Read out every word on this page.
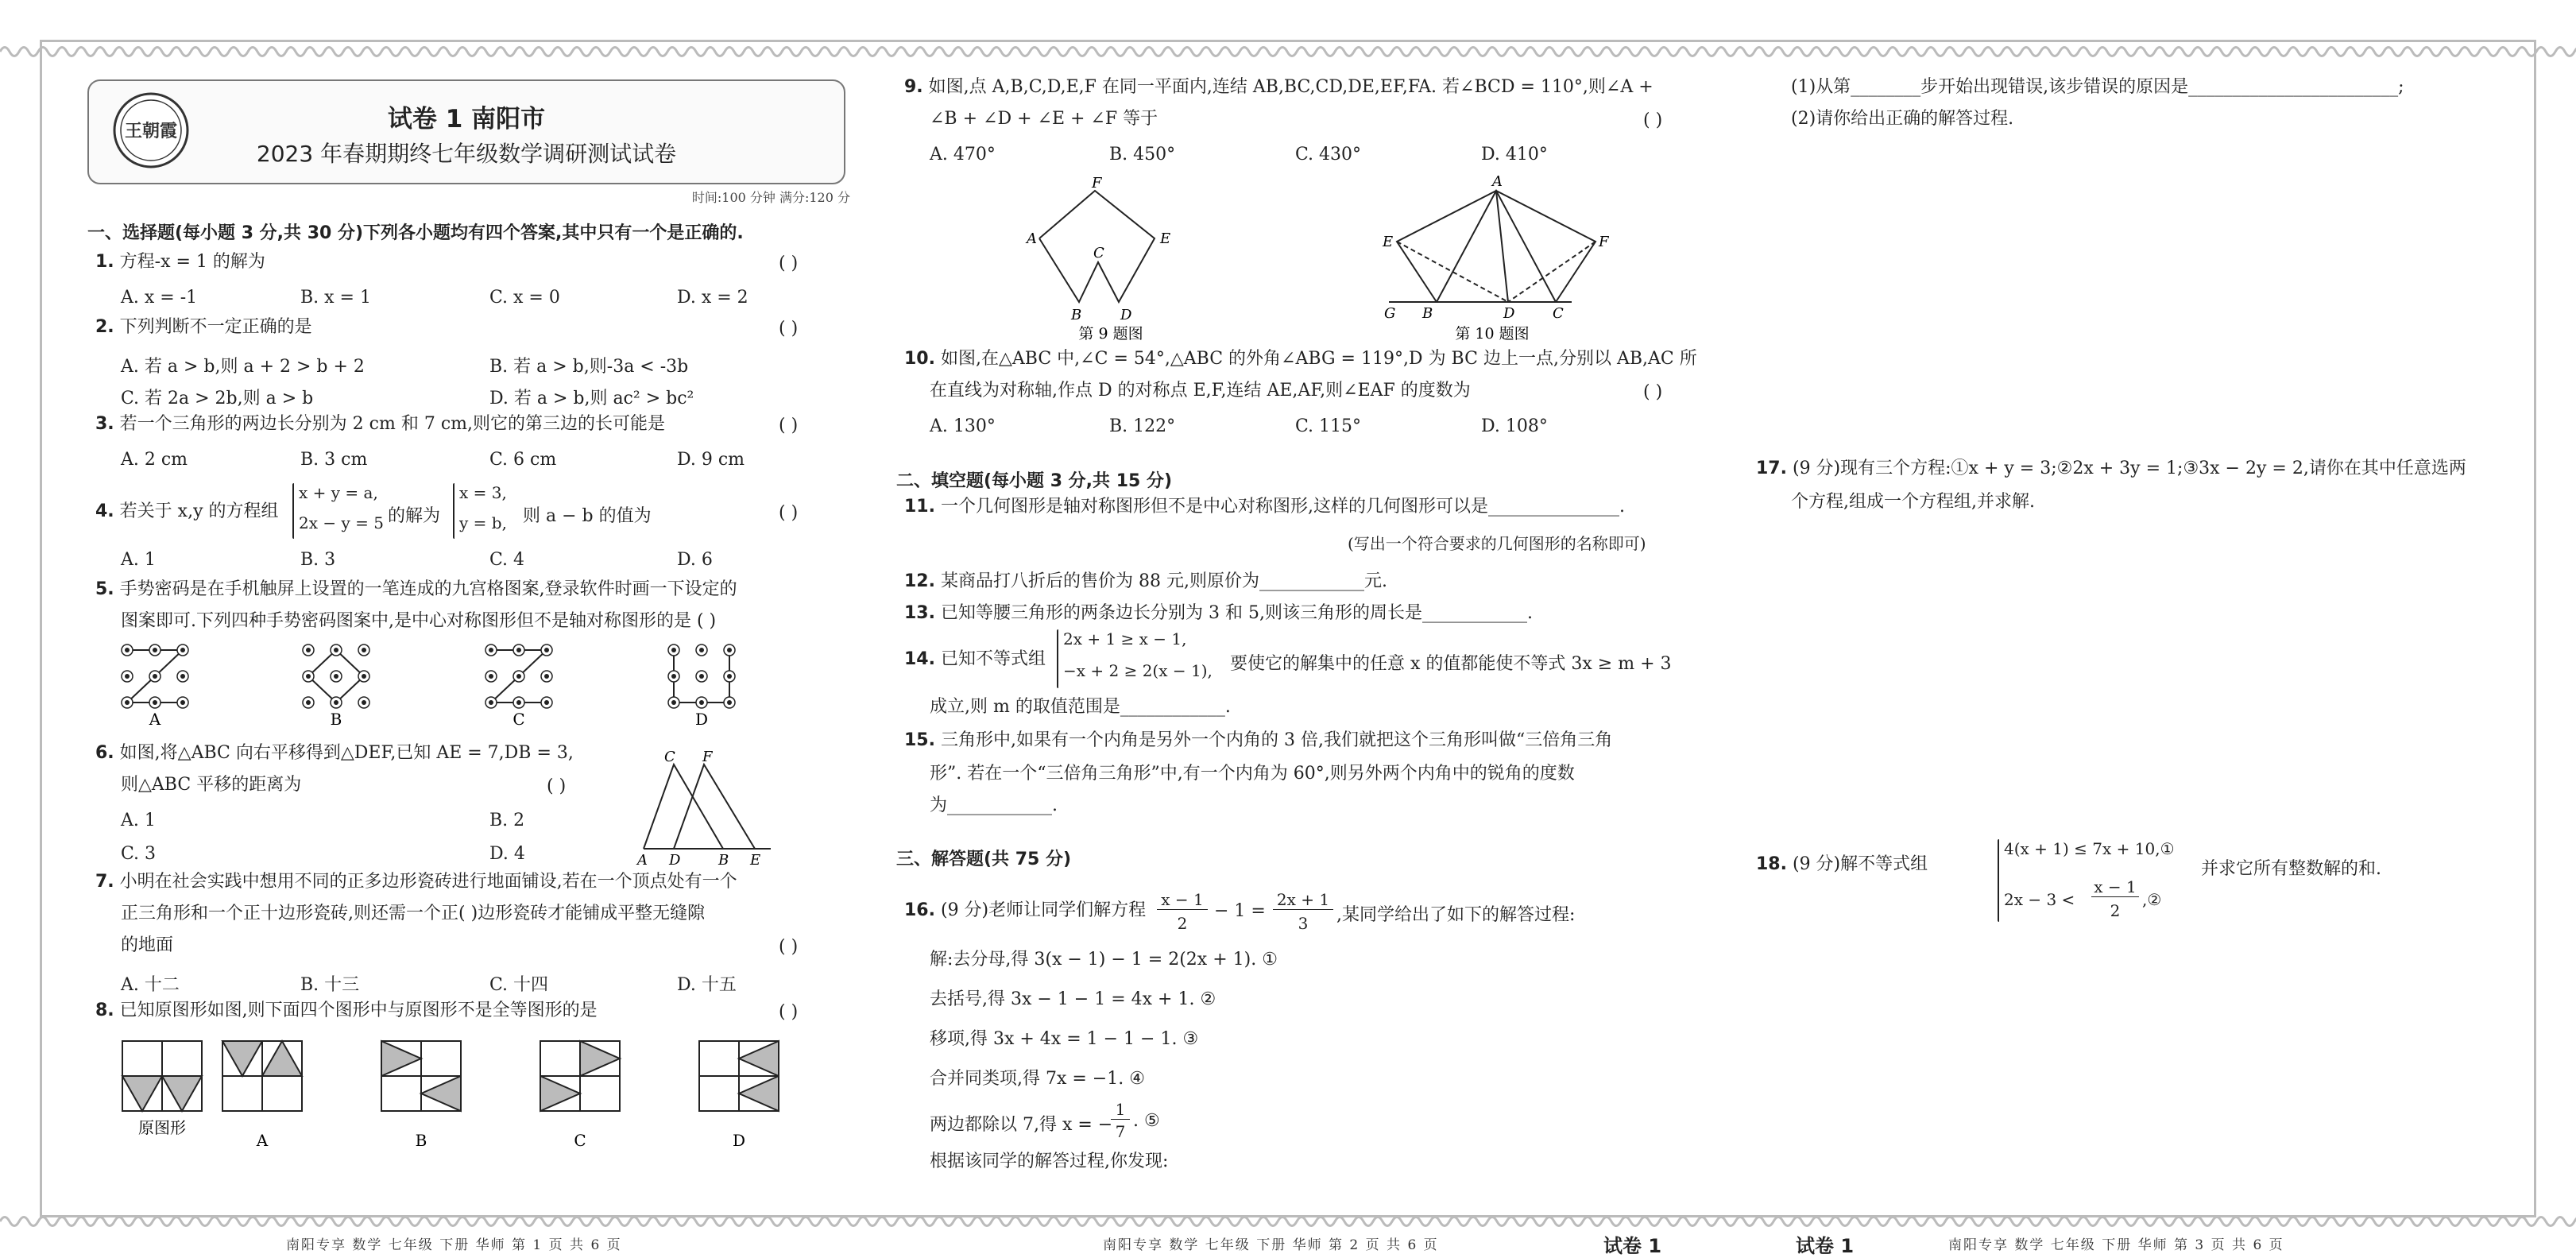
王朝霞	试卷 1 南阳市
2023 年春期期终七年级数学调研测试试卷
时间:100 分钟 满分:120 分
一、选择题(每小题 3 分,共 30 分)下列各小题均有四个答案,其中只有一个是正确的.
1. 方程-x = 1 的解为	( )
A. x = -1	B. x = 1	C. x = 0	D. x = 2
2. 下列判断不一定正确的是	( )
A. 若 a > b,则 a + 2 > b + 2	B. 若 a > b,则-3a < -3b
C. 若 2a > 2b,则 a > b	D. 若 a > b,则 ac² > bc²
3. 若一个三角形的两边长分别为 2 cm 和 7 cm,则它的第三边的长可能是	( )
A. 2 cm	B. 3 cm	C. 6 cm	D. 9 cm
4. 若关于 x,y 的方程组
x + y = a,
2x − y = 5 的解为
x = 3,
y = b, 则 a − b 的值为	( )
A. 1	B. 3	C. 4	D. 6
5. 手势密码是在手机触屏上设置的一笔连成的九宫格图案,登录软件时画一下设定的
图案即可.下列四种手势密码图案中,是中心对称图形但不是轴对称图形的是 ( )
A	B	C	D
6. 如图,将△ABC 向右平移得到△DEF,已知 AE = 7,DB = 3,
则△ABC 平移的距离为	( )
A. 1	B. 2
C. 3	D. 4
C F
A D	B E
7. 小明在社会实践中想用不同的正多边形瓷砖进行地面铺设,若在一个顶点处有一个
正三角形和一个正十边形瓷砖,则还需一个正( )边形瓷砖才能铺成平整无缝隙
的地面	( )
A. 十二	B. 十三	C. 十四	D. 十五
8. 已知原图形如图,则下面四个图形中与原图形不是全等图形的是	( )
原图形
A	B	C	D
南阳专享 数学 七年级 下册 华师 第 1 页 共 6 页
9. 如图,点 A,B,C,D,E,F 在同一平面内,连结 AB,BC,CD,DE,EF,FA. 若∠BCD = 110°,则∠A +
∠B + ∠D + ∠E + ∠F 等于	( )
A. 470°	B. 450°	C. 430°	D. 410°
A
F
E
C
B	D
第 9 题图
A
E	F
G B	D	C
第 10 题图
10. 如图,在△ABC 中,∠C = 54°,△ABC 的外角∠ABG = 119°,D 为 BC 边上一点,分别以 AB,AC 所
在直线为对称轴,作点 D 的对称点 E,F,连结 AE,AF,则∠EAF 的度数为	( )
A. 130°	B. 122°	C. 115°	D. 108°
二、填空题(每小题 3 分,共 15 分)
11. 一个几何图形是轴对称图形但不是中心对称图形,这样的几何图形可以是_______________.
(写出一个符合要求的几何图形的名称即可)
12. 某商品打八折后的售价为 88 元,则原价为____________元.
13. 已知等腰三角形的两条边长分别为 3 和 5,则该三角形的周长是____________.
14. 已知不等式组
2x + 1 ≥ x − 1,
−x + 2 ≥ 2(x − 1), 要使它的解集中的任意 x 的值都能使不等式 3x ≥ m + 3
成立,则 m 的取值范围是____________.
15. 三角形中,如果有一个内角是另外一个内角的 3 倍,我们就把这个三角形叫做“三倍角三角
形”. 若在一个“三倍角三角形”中,有一个内角为 60°,则另外两个内角中的锐角的度数
为____________.
三、解答题(共 75 分)
16. (9 分)老师让同学们解方程
x − 1
2
− 1 =
2x + 1
3	,某同学给出了如下的解答过程:
解:去分母,得 3(x − 1) − 1 = 2(2x + 1). ①
去括号,得 3x − 1 − 1 = 4x + 1. ②
移项,得 3x + 4x = 1 − 1 − 1. ③
合并同类项,得 7x = −1. ④
两边都除以 7,得 x = −
1
7
. ⑤
根据该同学的解答过程,你发现:
南阳专享 数学 七年级 下册 华师 第 2 页 共 6 页	试卷 1
(1)从第________步开始出现错误,该步错误的原因是________________________;
(2)请你给出正确的解答过程.
17. (9 分)现有三个方程:①x + y = 3;②2x + 3y = 1;③3x − 2y = 2,请你在其中任意选两
个方程,组成一个方程组,并求解.
18. (9 分)解不等式组
4(x + 1) ≤ 7x + 10,①
2x − 3 <
x − 1
2
,②
并求它所有整数解的和.
试卷 1	南阳专享 数学 七年级 下册 华师 第 3 页 共 6 页
